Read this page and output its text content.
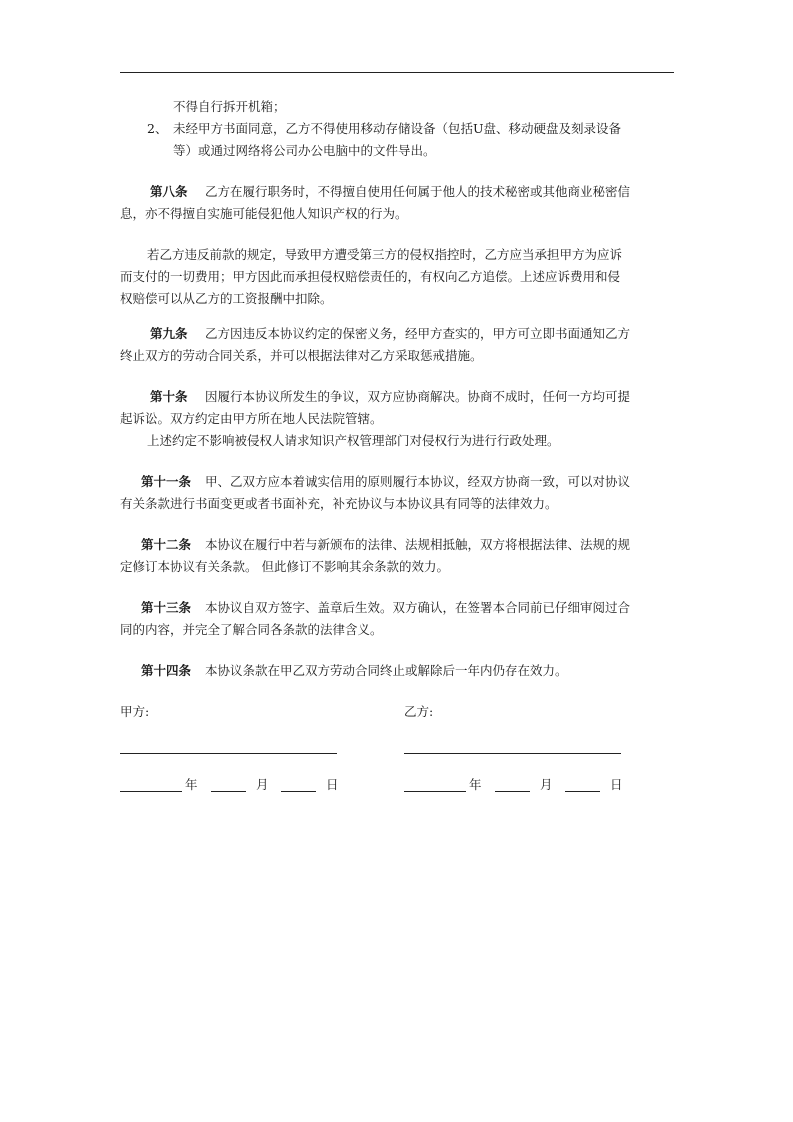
不得自行拆开机箱；
2、 未经甲方书面同意，乙方不得使用移动存储设备（包括U盘、移动硬盘及刻录设备
等）或通过网络将公司办公电脑中的文件导出。
第八条 乙方在履行职务时，不得擅自使用任何属于他人的技术秘密或其他商业秘密信
息，亦不得擅自实施可能侵犯他人知识产权的行为。
若乙方违反前款的规定，导致甲方遭受第三方的侵权指控时，乙方应当承担甲方为应诉
而支付的一切费用；甲方因此而承担侵权赔偿责任的，有权向乙方追偿。上述应诉费用和侵
权赔偿可以从乙方的工资报酬中扣除。
第九条 乙方因违反本协议约定的保密义务，经甲方查实的，甲方可立即书面通知乙方
终止双方的劳动合同关系，并可以根据法律对乙方采取惩戒措施。
第十条 因履行本协议所发生的争议，双方应协商解决。协商不成时，任何一方均可提
起诉讼。双方约定由甲方所在地人民法院管辖。
上述约定不影响被侵权人请求知识产权管理部门对侵权行为进行行政处理。
第十一条 甲、乙双方应本着诚实信用的原则履行本协议，经双方协商一致，可以对协议
有关条款进行书面变更或者书面补充，补充协议与本协议具有同等的法律效力。
第十二条 本协议在履行中若与新颁布的法律、法规相抵触，双方将根据法律、法规的规
定修订本协议有关条款。 但此修订不影响其余条款的效力。
第十三条 本协议自双方签字、盖章后生效。双方确认，在签署本合同前已仔细审阅过合
同的内容，并完全了解合同各条款的法律含义。
第十四条 本协议条款在甲乙双方劳动合同终止或解除后一年内仍存在效力。
甲方:	乙方:
年	月	日	年	月	日
